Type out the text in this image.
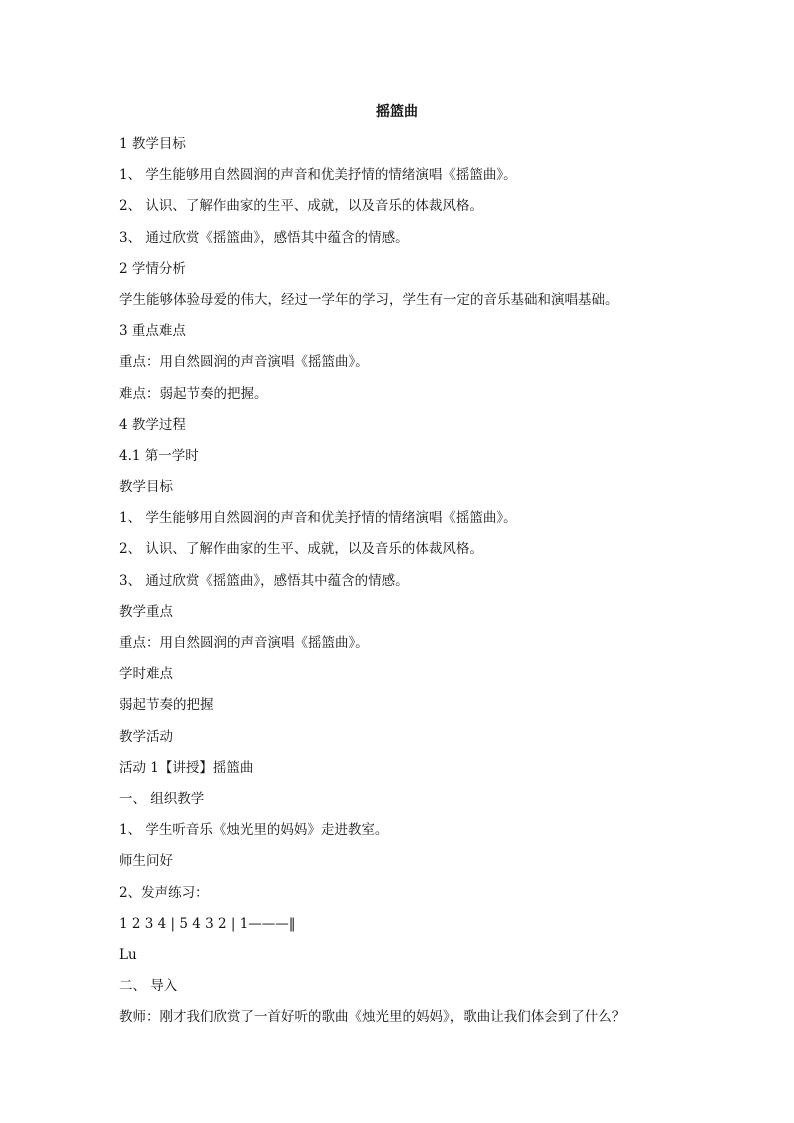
摇篮曲
1 教学目标
1、 学生能够用自然圆润的声音和优美抒情的情绪演唱《摇篮曲》。
2、 认识、了解作曲家的生平、成就，以及音乐的体裁风格。
3、 通过欣赏《摇篮曲》，感悟其中蕴含的情感。
2 学情分析
学生能够体验母爱的伟大，经过一学年的学习，学生有一定的音乐基础和演唱基础。
3 重点难点
重点：用自然圆润的声音演唱《摇篮曲》。
难点：弱起节奏的把握。
4 教学过程
4.1 第一学时
教学目标
1、 学生能够用自然圆润的声音和优美抒情的情绪演唱《摇篮曲》。
2、 认识、了解作曲家的生平、成就，以及音乐的体裁风格。
3、 通过欣赏《摇篮曲》，感悟其中蕴含的情感。
教学重点
重点：用自然圆润的声音演唱《摇篮曲》。
学时难点
弱起节奏的把握
教学活动
活动 1【讲授】摇篮曲
一、 组织教学
1、 学生听音乐《烛光里的妈妈》走进教室。
师生问好
2、发声练习：
1 2 3 4 | 5 4 3 2 | 1———‖
Lu
二、 导入
教师：刚才我们欣赏了一首好听的歌曲《烛光里的妈妈》，歌曲让我们体会到了什么？
